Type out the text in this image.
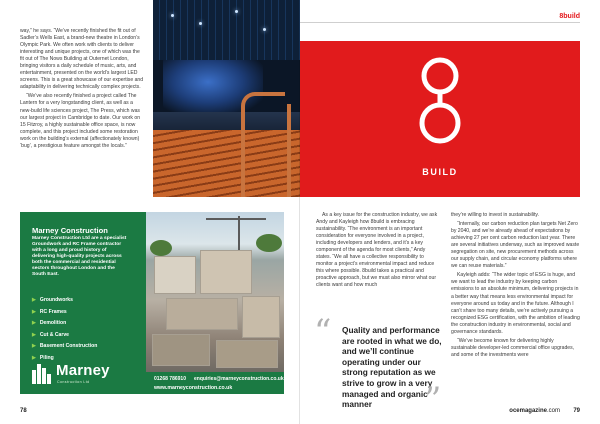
way,” he says. “We’ve recently finished the fit out of Sadler’s Wells East, a brand-new theatre in London’s Olympic Park. We often work with clients to deliver interesting and unique projects, one of which was the fit out of The Nows Building at Outernet London, bringing visitors a daily schedule of music, arts, and entertainment, presented on the world’s largest LED screens. This is a great showcase of our expertise and adaptability in delivering technically complex projects.

“We’ve also recently finished a project called The Lantern for a very longstanding client, as well as a new-build life sciences project, The Press, which was our largest project in Cambridge to date. Our work on 15 Fitzroy, a highly sustainable office space, is now complete, and this project included some restoration work on the building’s external (affectionately known) ‘bug’, a prestigious feature amongst the locals.”

Marney Construction
Marney Construction Ltd are a specialist Groundwork and RC Frame contractor with a long and proud history of delivering high-quality projects across both the commercial and residential sectors throughout London and the South East.
▶ Groundworks
▶ RC Frames
▶ Demolition
▶ Cut & Carve
▶ Basement Construction
▶ Piling
Marney
Construction Ltd	01268 786910 enquiries@marneyconstruction.co.uk
www.marneyconstruction.co.uk
78
8build
BUILD

As a key issue for the construction industry, we ask Andy and Kayleigh how 8build is embracing sustainability. “The environment is an important consideration for everyone involved in a project, including developers and lenders, and it’s a key component of the agenda for most clients,” Andy states. “We all have a collective responsibility to monitor a project’s environmental impact and reduce this where possible. 8build takes a practical and proactive approach, but we must also mirror what our clients want and how much

“ Quality and performance are rooted in what we do, and we’ll continue operating under our strong reputation as we strive to grow in a very managed and organic manner	”

they’re willing to invest in sustainability.

“Internally, our carbon reduction plan targets Net Zero by 2040, and we’re already ahead of expectations by achieving 27 per cent carbon reduction last year. There are several initiatives underway, such as improved waste segregation on site, new procurement methods across our supply chain, and circular economy platforms where we can reuse materials.”

Kayleigh adds: “The wider topic of ESG is huge, and we want to lead the industry by keeping carbon emissions to an absolute minimum, delivering projects in a better way that means less environmental impact for everyone around us today and in the future. Although I can’t share too many details, we’re actively pursuing a recognized ESG certification, with the ambition of leading the construction industry in environmental, social and governance standards.

“We’ve become known for delivering highly sustainable developer-led commercial office upgrades, and some of the investments were

ocemagazine.com 79
